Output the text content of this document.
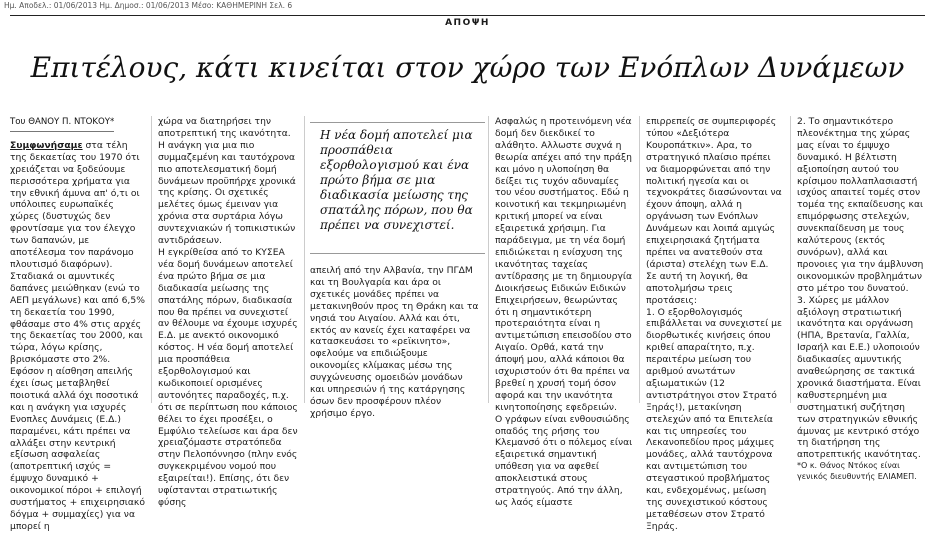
Ημ. Αποδελ.: 01/06/2013 Ημ. Δημοσ.: 01/06/2013 Μέσο: ΚΑΘΗΜΕΡΙΝΗ Σελ. 6
ΑΠΟΨΗ
Επιτέλους, κάτι κινείται στον χώρο των Ενόπλων Δυνάμεων
Του ΘΑΝΟΥ Π. ΝΤΟΚΟΥ*

Συμφωνήσαμε στα τέλη της δεκαετίας του 1970 ότι χρειάζεται να ξοδεύουμε περισσότερα χρήματα για την εθνική άμυνα απ' ό,τι οι υπόλοιπες ευρωπαϊκές χώρες (δυστυχώς δεν φροντίσαμε για τον έλεγχο των δαπανών, με αποτέλεσμα τον παράνομο πλουτισμό διαφόρων). Σταδιακά οι αμυντικές δαπάνες μειώθηκαν (ενώ το ΑΕΠ μεγάλωνε) και από 6,5% τη δεκαετία του 1990, φθάσαμε στο 4% στις αρχές της δεκαετίας του 2000, και τώρα, λόγω κρίσης, βρισκόμαστε στο 2%. Εφόσον η αίσθηση απειλής έχει ίσως μεταβληθεί ποιοτικά αλλά όχι ποσοτικά και η ανάγκη για ισχυρές Ενοπλες Δυνάμεις (Ε.Δ.) παραμένει, κάτι πρέπει να αλλάξει στην κεντρική εξίσωση ασφαλείας (αποτρεπτική ισχύς = έμψυχο δυναμικό + οικονομικοί πόροι + επιλογή συστήματος + επιχειρησιακό δόγμα + συμμαχίες) για να μπορεί η

χώρα να διατηρήσει την αποτρεπτική της ικανότητα.
Η ανάγκη για μια πιο συμμαζεμένη και ταυτόχρονα πιο αποτελεσματική δομή δυνάμεων προϋπήρχε χρονικά της κρίσης. Οι σχετικές μελέτες όμως έμειναν για χρόνια στα συρτάρια λόγω συντεχνιακών ή τοπικιστικών αντιδράσεων.
Η εγκρίθείσα από το ΚΥΣΕΑ νέα δομή δυνάμεων αποτελεί ένα πρώτο βήμα σε μια διαδικασία μείωσης της σπατάλης πόρων, διαδικασία που θα πρέπει να συνεχιστεί αν θέλουμε να έχουμε ισχυρές Ε.Δ. με ανεκτό οικονομικό κόστος. Η νέα δομή αποτελεί μια προσπάθεια εξορθολογισμού και κωδικοποιεί ορισμένες αυτονόητες παραδοχές, π.χ. ότι σε περίπτωση που κάποιος θέλει το έχει προσέξει, ο Εμφύλιο τελείωσε και άρα δεν χρειαζόμαστε στρατόπεδα στην Πελοπόννησο (πλην ενός συγκεκριμένου νομού που εξαιρείται!). Επίσης, ότι δεν υφίστανται στρατιωτικής φύσης

Η νέα δομή αποτελεί μια προσπάθεια εξορθολογισμού και ένα πρώτο βήμα σε μια διαδικασία μείωσης της σπατάλης πόρων, που θα πρέπει να συνεχιστεί.

απειλή από την Αλβανία, την ΠΓΔΜ και τη Βουλγαρία και άρα οι σχετικές μονάδες πρέπει να μετακινηθούν προς τη Θράκη και τα νησιά του Αιγαίου. Αλλά και ότι, εκτός αν κανείς έχει καταφέρει να κατασκευάσει το «ρεϊκινητο», οφελούμε να επιδιώξουμε οικονομίες κλίμακας μέσω της συγχώνευσης ομοειδών μονάδων και υπηρεσιών ή της κατάργησης όσων δεν προσφέρουν πλέον χρήσιμο έργο.

Ασφαλώς η προτεινόμενη νέα δομή δεν διεκδικεί το αλάθητο. Αλλωστε συχνά η θεωρία απέχει από την πράξη και μόνο η υλοποίηση θα δείξει τις τυχόν αδυναμίες του νέου συστήματος. Εδώ η κοινοτική και τεκμηριωμένη κριτική μπορεί να είναι εξαιρετικά χρήσιμη. Για παράδειγμα, με τη νέα δομή επιδιώκεται η ενίσχυση της ικανότητας ταχείας αντίδρασης με τη δημιουργία Διοικήσεως Ειδικών Ειδικών Επιχειρήσεων, θεωρώντας ότι η σημαντικότερη προτεραιότητα είναι η αντιμετώπιση επεισοδίου στο Αιγαίο. Ορθά, κατά την άποψή μου, αλλά κάποιοι θα ισχυριστούν ότι θα πρέπει να βρεθεί η χρυσή τομή όσον αφορά και την ικανότητα κινητοποίησης εφεδρειών.
Ο γράφων είναι ενθουσιώδης οπαδός της ρήσης του Κλεμανσό ότι ο πόλεμος είναι εξαιρετικά σημαντική υπόθεση για να αφεθεί αποκλειστικά στους στρατηγούς. Από την άλλη, ως λαός είμαστε

επιρρεπείς σε συμπεριφορές τύπου «Δεξιότερα Κουροπάτκιν». Αρα, το στρατηγικό πλαίσιο πρέπει να διαμορφώνεται από την πολιτική ηγεσία και οι τεχνοκράτες διασώνονται να έχουν άποψη, αλλά η οργάνωση των Ενόπλων Δυνάμεων και λοιπά αμιγώς επιχειρησιακά ζητήματα πρέπει να ανατεθούν στα (άριστα) στελέχη των Ε.Δ.
Σε αυτή τη λογική, θα αποτολμήσω τρεις προτάσεις:
1. Ο εξορθολογισμός επιβάλλεται να συνεχιστεί με διορθωτικές κινήσεις όπου κριθεί απαραίτητο, π.χ. περαιτέρω μείωση του αριθμού ανωτάτων αξιωματικών (12 αντιστράτηγοι στον Στρατό Ξηράς!), μετακίνηση στελεχών από τα Επιτελεία και τις υπηρεσίες του Λεκανοπεδίου προς μάχιμες μονάδες, αλλά ταυτόχρονα και αντιμετώπιση του στεγαστικού προβλήματος και, ενδεχομένως, μείωση της συνεχιστικού κόστους μεταθέσεων στον Στρατό Ξηράς.

2. Το σημαντικότερο πλεονέκτημα της χώρας μας είναι το έμψυχο δυναμικό. Η βέλτιστη αξιοποίηση αυτού του κρίσιμου πολλαπλασιαστή ισχύος απαιτεί τομές στον τομέα της εκπαίδευσης και επιμόρφωσης στελεχών, συνεκπαίδευση με τους καλύτερους (εκτός συνόρων), αλλά και προνοιες για την άμβλυνση οικονομικών προβλημάτων στο μέτρο του δυνατού.
3. Χώρες με μάλλον αξιόλογη στρατιωτική ικανότητα και οργάνωση (ΗΠΑ, Βρετανία, Γαλλία, Ισραήλ και Ε.Ε.) υλοποιούν διαδικασίες αμυντικής αναθεώρησης σε τακτικά χρονικά διαστήματα. Είναι καθυστερημένη μια συστηματική συζήτηση των στρατηγικών εθνικής άμυνας με κεντρικό στόχο τη διατήρηση της αποτρεπτικής ικανότητας.

*Ο κ. Θάνος Ντόκος είναι γενικός διευθυντής ΕΛΙΑΜΕΠ.
